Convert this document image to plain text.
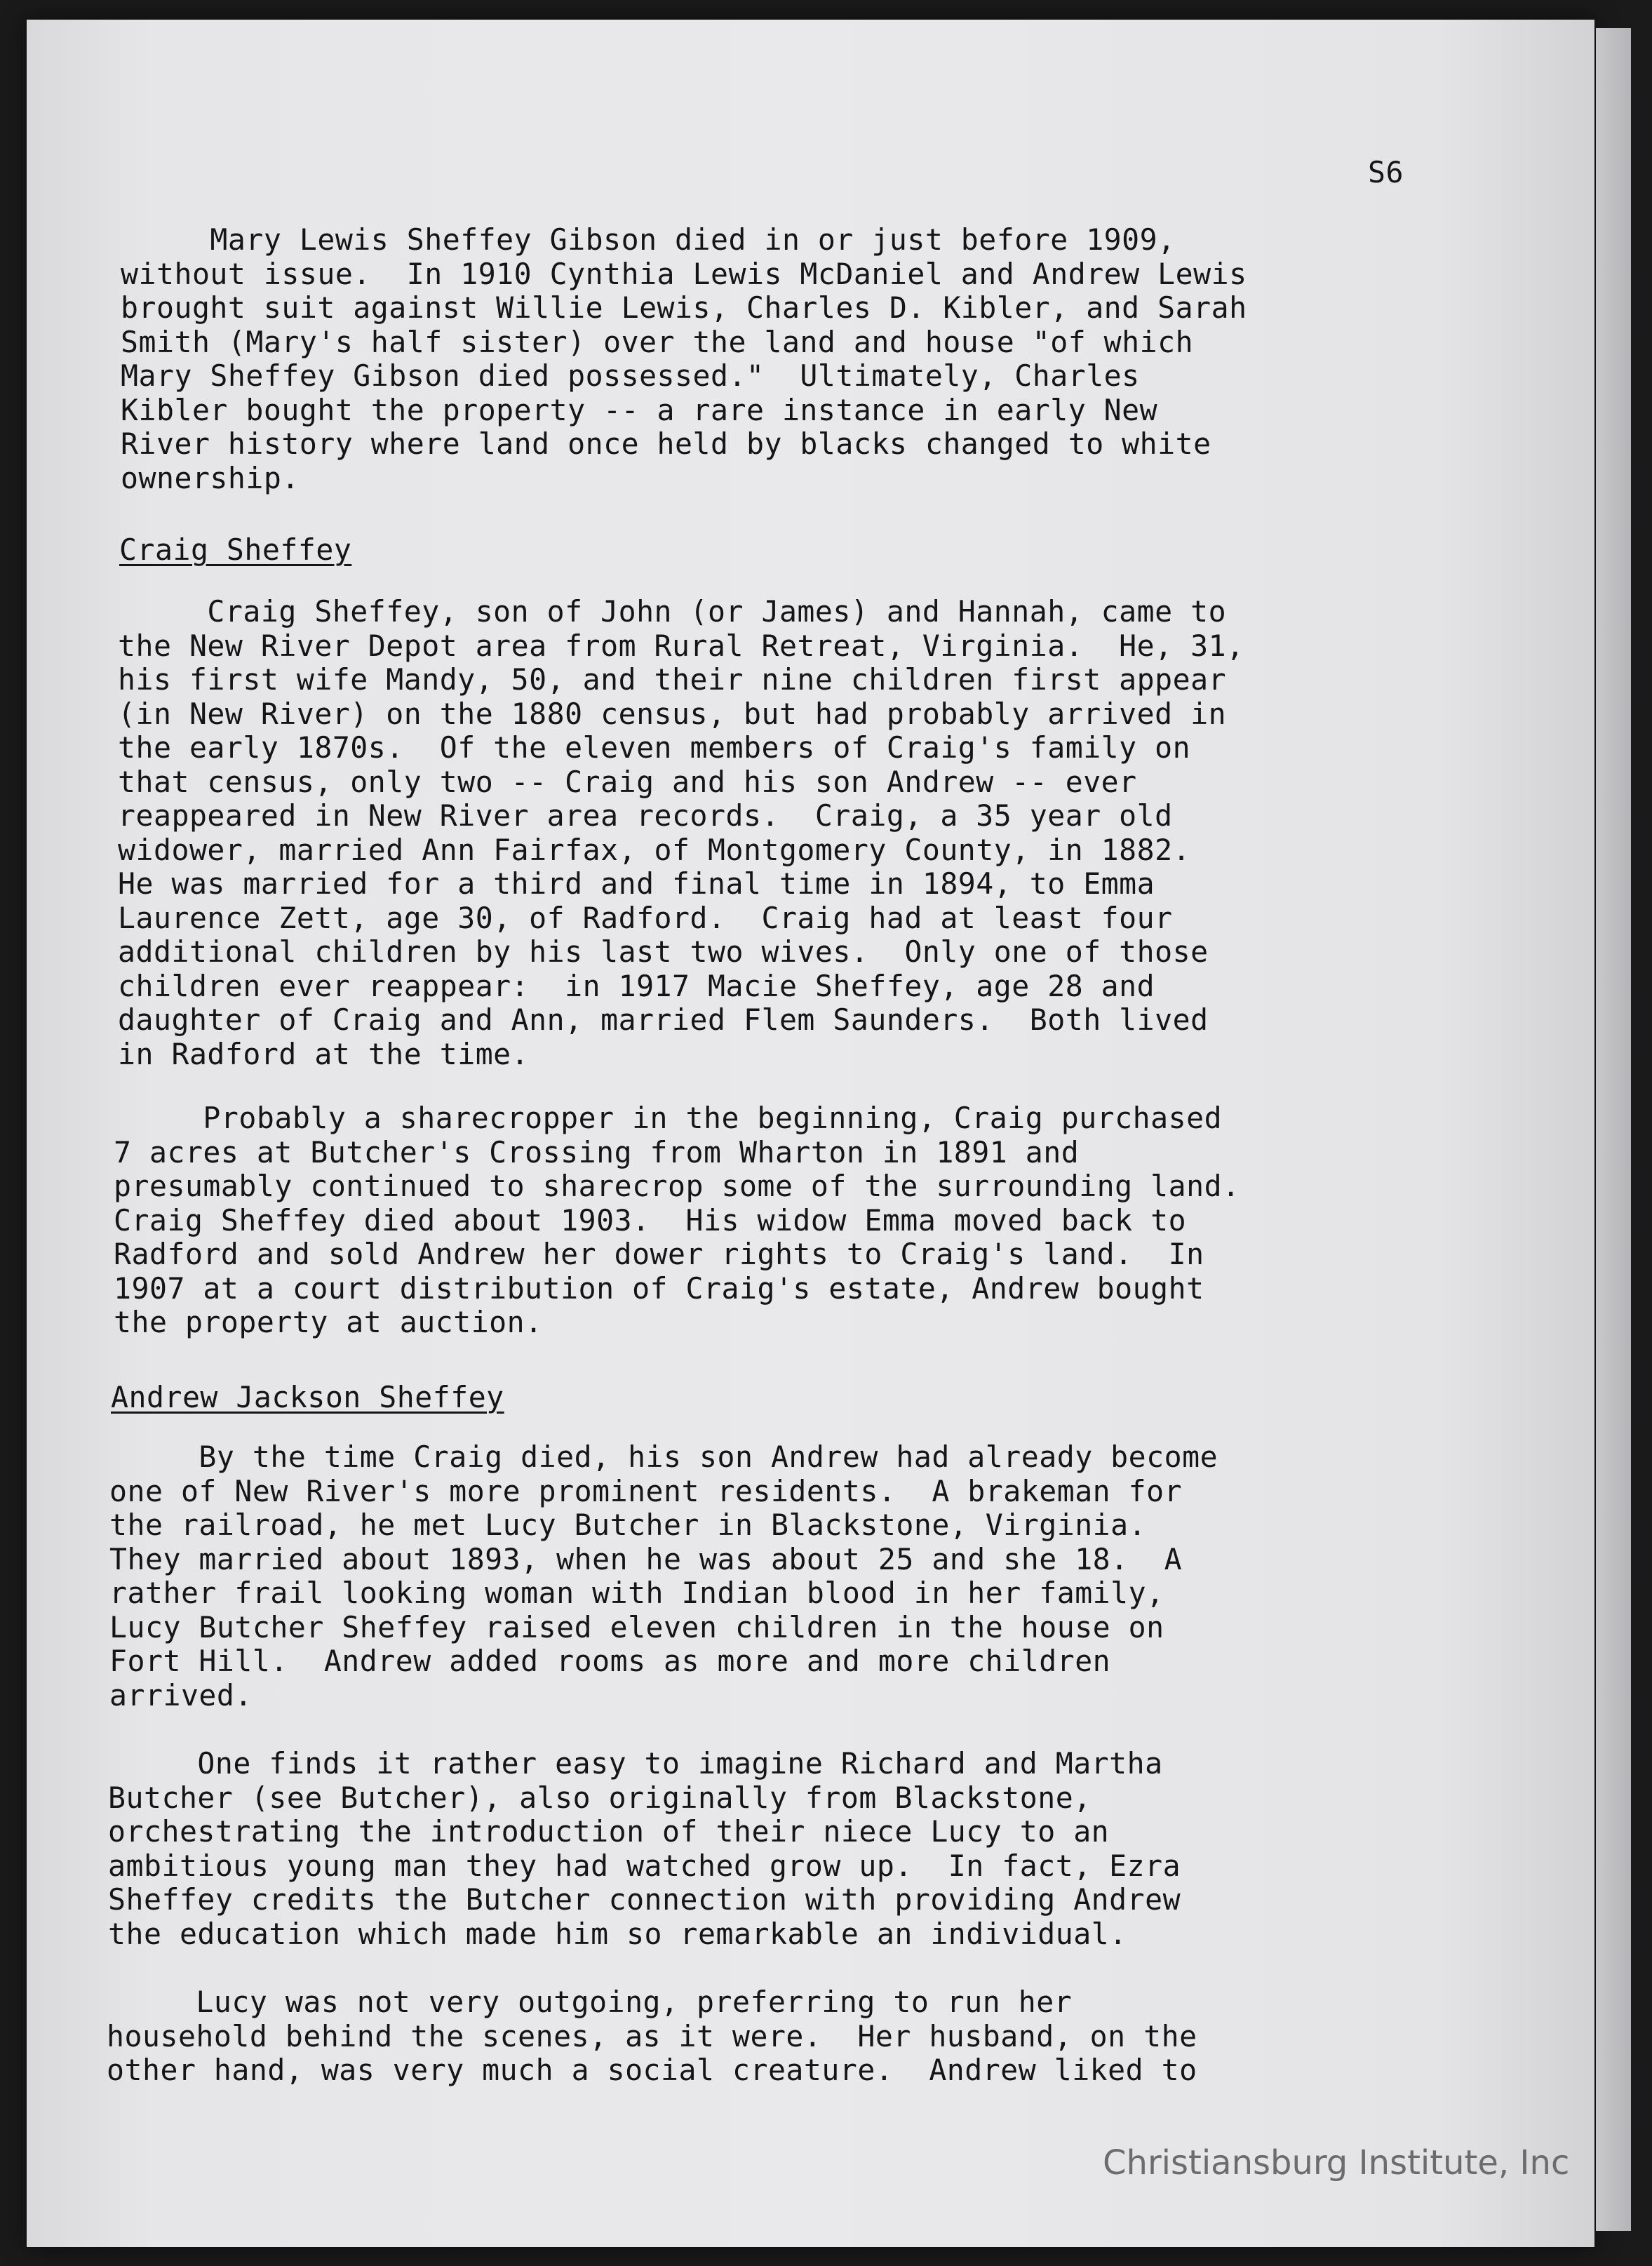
S6

Mary Lewis Sheffey Gibson died in or just before 1909,
without issue.  In 1910 Cynthia Lewis McDaniel and Andrew Lewis
brought suit against Willie Lewis, Charles D. Kibler, and Sarah
Smith (Mary's half sister) over the land and house "of which
Mary Sheffey Gibson died possessed."  Ultimately, Charles
Kibler bought the property -- a rare instance in early New
River history where land once held by blacks changed to white
ownership.

Craig Sheffey

Craig Sheffey, son of John (or James) and Hannah, came to
the New River Depot area from Rural Retreat, Virginia.  He, 31,
his first wife Mandy, 50, and their nine children first appear
(in New River) on the 1880 census, but had probably arrived in
the early 1870s.  Of the eleven members of Craig's family on
that census, only two -- Craig and his son Andrew -- ever
reappeared in New River area records.  Craig, a 35 year old
widower, married Ann Fairfax, of Montgomery County, in 1882.
He was married for a third and final time in 1894, to Emma
Laurence Zett, age 30, of Radford.  Craig had at least four
additional children by his last two wives.  Only one of those
children ever reappear:  in 1917 Macie Sheffey, age 28 and
daughter of Craig and Ann, married Flem Saunders.  Both lived
in Radford at the time.

Probably a sharecropper in the beginning, Craig purchased
7 acres at Butcher's Crossing from Wharton in 1891 and
presumably continued to sharecrop some of the surrounding land.
Craig Sheffey died about 1903.  His widow Emma moved back to
Radford and sold Andrew her dower rights to Craig's land.  In
1907 at a court distribution of Craig's estate, Andrew bought
the property at auction.

Andrew Jackson Sheffey

By the time Craig died, his son Andrew had already become
one of New River's more prominent residents.  A brakeman for
the railroad, he met Lucy Butcher in Blackstone, Virginia.
They married about 1893, when he was about 25 and she 18.  A
rather frail looking woman with Indian blood in her family,
Lucy Butcher Sheffey raised eleven children in the house on
Fort Hill.  Andrew added rooms as more and more children
arrived.

One finds it rather easy to imagine Richard and Martha
Butcher (see Butcher), also originally from Blackstone,
orchestrating the introduction of their niece Lucy to an
ambitious young man they had watched grow up.  In fact, Ezra
Sheffey credits the Butcher connection with providing Andrew
the education which made him so remarkable an individual.

Lucy was not very outgoing, preferring to run her
household behind the scenes, as it were.  Her husband, on the
other hand, was very much a social creature.  Andrew liked to

Christiansburg Institute, Inc
